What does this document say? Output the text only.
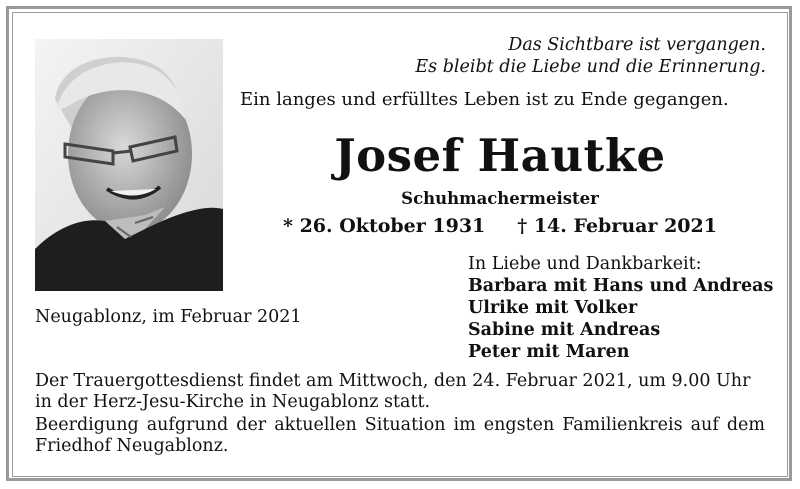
Das Sichtbare ist vergangen.
Es bleibt die Liebe und die Erinnerung.
Ein langes und erfülltes Leben ist zu Ende gegangen.
Josef Hautke
Schuhmachermeister
* 26. Oktober 1931 † 14. Februar 2021
In Liebe und Dankbarkeit:
Barbara mit Hans und Andreas
Ulrike mit Volker
Sabine mit Andreas
Peter mit Maren
Neugablonz, im Februar 2021
Der Trauergottesdienst findet am Mittwoch, den 24. Februar 2021, um 9.00 Uhr in der Herz-Jesu-Kirche in Neugablonz statt.
Beerdigung aufgrund der aktuellen Situation im engsten Familienkreis auf dem Friedhof Neugablonz.
